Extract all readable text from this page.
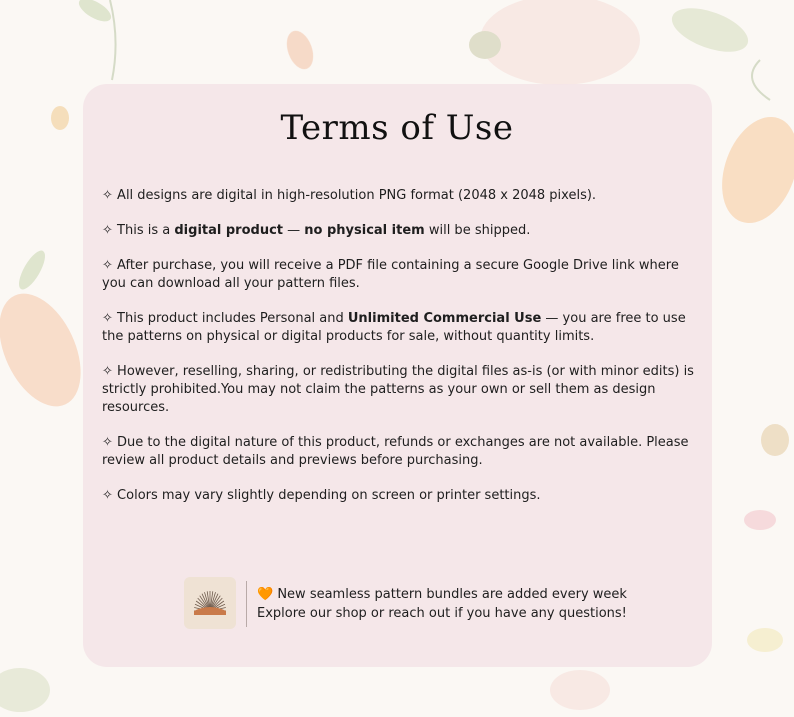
Terms of Use
✧ All designs are digital in high-resolution PNG format (2048 x 2048 pixels).
✧ This is a digital product — no physical item will be shipped.
✧ After purchase, you will receive a PDF file containing a secure Google Drive link where you can download all your pattern files.
✧ This product includes Personal and Unlimited Commercial Use — you are free to use the patterns on physical or digital products for sale, without quantity limits.
✧ However, reselling, sharing, or redistributing the digital files as-is (or with minor edits) is strictly prohibited.You may not claim the patterns as your own or sell them as design resources.
✧ Due to the digital nature of this product, refunds or exchanges are not available. Please review all product details and previews before purchasing.
✧ Colors may vary slightly depending on screen or printer settings.
🧡 New seamless pattern bundles are added every week
Explore our shop or reach out if you have any questions!
